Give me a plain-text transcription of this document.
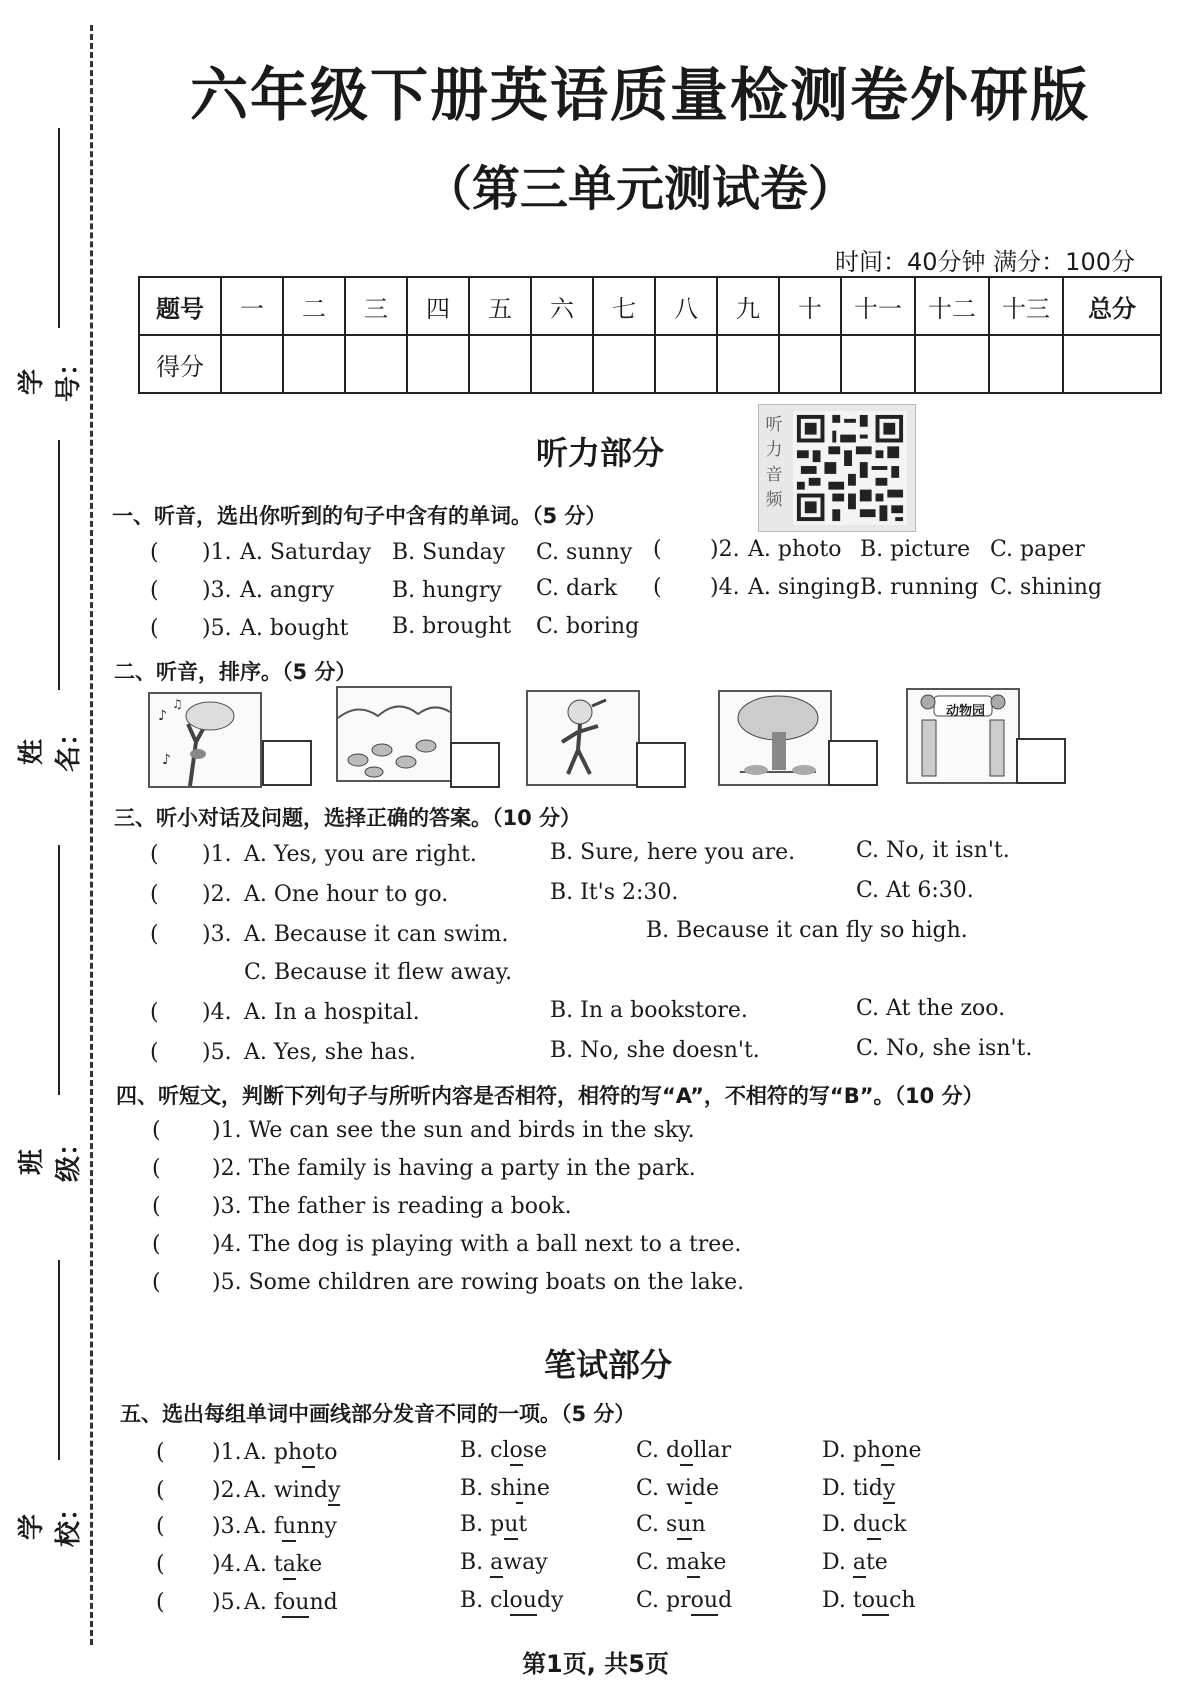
学号：
姓名：
班级：
学校：
六年级下册英语质量检测卷外研版
（第三单元测试卷）
时间：40分钟 满分：100分
题号	一	二	三	四	五	六	七	八	九	十	十一	十二	十三	总分
得分														
听力部分
听力音频
一、听音，选出你听到的句子中含有的单词。（5 分）
( )1. A. Saturday B. Sunday C. sunny ( )2. A. photo B. picture C. paper
( )3. A. angry	B. hungry C. dark ( )4. A. singing B. running C. shining
( )5. A. bought B. brought C. boring
二、听音，排序。（5 分）
♪
♫
♪
动物园
三、听小对话及问题，选择正确的答案。（10 分）
( )1. A. Yes, you are right.	B. Sure, here you are.	C. No, it isn't.
( )2. A. One hour to go.	B. It's 2:30.	C. At 6:30.
( )3. A. Because it can swim.	B. Because it can fly so high.
C. Because it flew away.
( )4. A. In a hospital.	B. In a bookstore.	C. At the zoo.
( )5. A. Yes, she has.	B. No, she doesn't.	C. No, she isn't.
四、听短文，判断下列句子与所听内容是否相符，相符的写“A”，不相符的写“B”。（10 分）
( )1. We can see the sun and birds in the sky.
( )2. The family is having a party in the park.
( )3. The father is reading a book.
( )4. The dog is playing with a ball next to a tree.
( )5. Some children are rowing boats on the lake.
笔试部分
五、选出每组单词中画线部分发音不同的一项。（5 分）
( )1. A. photo	B. close	C. dollar	D. phone
( )2. A. windy	B. shine	C. wide	D. tidy
( )3. A. funny	B. put	C. sun	D. duck
( )4. A. take	B. away	C. make	D. ate
( )5. A. found	B. cloudy	C. proud	D. touch
第1页, 共5页
